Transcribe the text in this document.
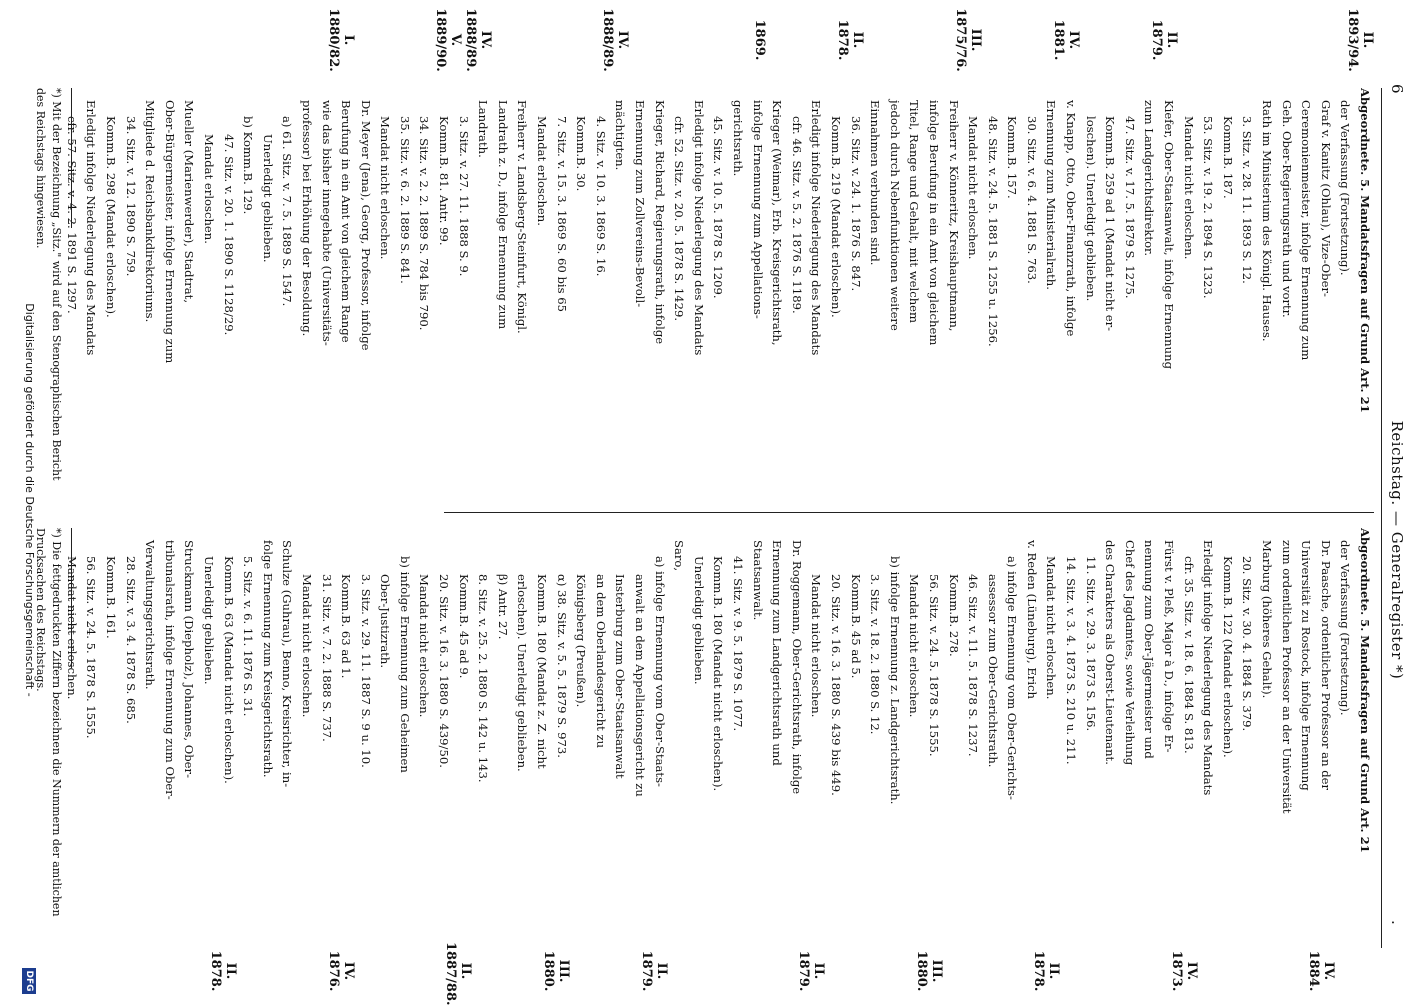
6
Reichstag. — Generalregister *)
.
II.
1893/94.
II.
1879.
IV.
1881.
III.
1875/76.
II.
1878.
1869.
IV.
1888/89.
IV.
1888/89.
V.
1889/90.
I.
1880/82.
Abgeordnete. 5. Mandatsfragen auf Grund Art. 21
der Verfassung (Fortsetzung).
Graf v. Kanitz (Ohlau), Vize-Ober-
Ceremonienmeister, infolge Ernennung zum
Geh. Ober-Regierungsrath und vortr.
Rath im Ministerium des Königl. Hauses.
3. Sitz. v. 28. 11. 1893 S. 12.
Komm.B. 187.
53. Sitz. v. 19. 2. 1894 S. 1323.
Mandat nicht erloschen.
Kiefer, Ober-Staatsanwalt, infolge Ernennung
zum Landgerichtsdirektor.
47. Sitz. v. 17. 5. 1879 S. 1275.
Komm.B. 259 ad 1 (Mandat nicht er-
loschen). Unerledigt geblieben.
v. Knapp, Otto, Ober-Finanzrath, infolge
Ernennung zum Ministerialrath.
30. Sitz. v. 6. 4. 1881 S. 763.
Komm.B. 157.
48. Sitz. v. 24. 5. 1881 S. 1255 u. 1256.
Mandat nicht erloschen.
Freiherr v. Könneritz, Kreishauptmann,
infolge Berufung in ein Amt von gleichem
Titel, Range und Gehalt, mit welchem
jedoch durch Nebenfunktionen weitere
Einnahmen verbunden sind.
36. Sitz. v. 24. 1. 1876 S. 847.
Komm.B. 219 (Mandat erloschen).
Erledigt infolge Niederlegung des Mandats
cfr. 46. Sitz. v. 5. 2. 1876 S. 1189.
Krieger (Weimar), Erb. Kreisgerichtsrath,
infolge Ernennung zum Appellations-
gerichtsrath.
45. Sitz. v. 10. 5. 1878 S. 1209.
Erledigt infolge Niederlegung des Mandats
cfr. 52. Sitz. v. 20. 5. 1878 S. 1429.
Krieger, Richard, Regierungsrath, infolge
Ernennung zum Zollvereins-Bevoll-
mächtigten.
4. Sitz. v. 10. 3. 1869 S. 16.
Komm.B. 30.
7. Sitz. v. 15. 3. 1869 S. 60 bis 65
Mandat erloschen.
Freiherr v. Landsberg-Steinfurt, Königl.
Landrath z. D., infolge Ernennung zum
Landrath.
3. Sitz. v. 27. 11. 1888 S. 9.
Komm.B. 81. Antr. 99.
34. Sitz. v. 2. 2. 1889 S. 784 bis 790.
35. Sitz. v. 6. 2. 1889 S. 841.
Mandat nicht erloschen.
Dr. Meyer (Jena), Georg, Professor, infolge
Berufung in ein Amt von gleichem Range
wie das bisher innegehabte (Universitäts-
professor) bei Erhöhung der Besoldung.
a) 61. Sitz. v. 7. 5. 1889 S. 1547.
Unerledigt geblieben.
b) Komm.B. 129.
47. Sitz. v. 20. 1. 1890 S. 1128/29.
Mandat erloschen.
Mueller (Marienwerder), Stadtrat,
Ober-Bürgermeister, infolge Ernennung zum
Mitgliede d. Reichsbankdirektoriums.
34. Sitz. v. 12. 1890 S. 759.
Komm.B. 298 (Mandat erloschen).
Erledigt infolge Niederlegung des Mandats
cfr. 57. Sitz. v. 4. 2. 1891 S. 1297.
IV.
1884.
IV.
1873.
II.
1878.
III.
1880.
II.
1879.
II.
1879.
III.
1880.
II.
1887/88.
IV.
1876.
II.
1878.
Abgeordnete. 5. Mandatsfragen auf Grund Art. 21
der Verfassung (Fortsetzung).
Dr. Paasche, ordentlicher Professor an der
Universität zu Rostock, infolge Ernennung
zum ordentlichen Professor an der Universität
Marburg (höheres Gehalt).
20. Sitz. v. 30. 4. 1884 S. 379.
Komm.B. 122 (Mandat erloschen).
Erledigt infolge Niederlegung des Mandats
cfr. 35. Sitz. v. 18. 6. 1884 S. 813.
Fürst v. Pleß, Major à D., infolge Er-
nennung zum Ober-Jägermeister und
Chef des Jagdamtes, sowie Verleihung
des Charakters als Oberst-Lieutenant.
11. Sitz. v. 29. 3. 1873 S. 156.
14. Sitz. v. 3. 4. 1873 S. 210 u. 211.
Mandat nicht erloschen.
v. Reden (Lüneburg), Erich
a) infolge Ernennung vom Ober-Gerichts-
assessor zum Ober-Gerichtsrath.
46. Sitz. v. 11. 5. 1878 S. 1237.
Komm.B. 278.
56. Sitz. v. 24. 5. 1878 S. 1555.
Mandat nicht erloschen.
b) infolge Ernennung z. Landgerichtsrath.
3. Sitz. v. 18. 2. 1880 S. 12.
Komm.B. 45 ad 5.
20. Sitz. v. 16. 3. 1880 S. 439 bis 449.
Mandat nicht erloschen.
Dr. Roggemann, Ober-Gerichtsrath, infolge
Ernennung zum Landgerichtsrath und
Staatsanwalt.
41. Sitz. v. 9. 5. 1879 S. 1077.
Komm.B. 180 (Mandat nicht erloschen).
Unerledigt geblieben.
Saro,
a) infolge Ernennung vom Ober-Staats-
anwalt an dem Appellationsgericht zu
Insterburg zum Ober-Staatsanwalt
an dem Oberlandesgericht zu
Königsberg (Preußen).
α) 38. Sitz. v. 5. 5. 1879 S. 973.
Komm.B. 180 (Mandat z. Z. nicht
erloschen). Unerledigt geblieben.
β) Antr. 27.
8. Sitz. v. 25. 2. 1880 S. 142 u. 143.
Komm.B. 45 ad 9.
20. Sitz. v. 16. 3. 1880 S. 439/50.
Mandat nicht erloschen.
b) infolge Ernennung zum Geheimen
Ober-Justizrath.
3. Sitz. v. 29. 11. 1887 S. 9 u. 10.
Komm.B. 63 ad 1.
31. Sitz. v. 7. 2. 1888 S. 737.
Mandat nicht erloschen.
Schulze (Guhrau), Benno, Kreisrichter, in-
folge Ernennung zum Kreisgerichtsrath.
5. Sitz. v. 6. 11. 1876 S. 31.
Komm.B. 63 (Mandat nicht erloschen).
Unerledigt geblieben.
Struckmann (Diepholz), Johannes, Ober-
tribunalsrath, infolge Ernennung zum Ober-
Verwaltungsgerichtsrath.
28. Sitz. v. 3. 4. 1878 S. 685.
Komm.B. 161.
56. Sitz. v. 24. 5. 1878 S. 1555.
Mandat nicht erloschen.
*) Mit der Bezeichnung „Sitz." wird auf den Stenographischen Bericht des Reichstags hingewiesen.
*) Die fettgedruckten Ziffern bezeichnen die Nummern der amtlichen Drucksachen des Reichstags.
Digitalisierung gefördert durch die Deutsche Forschungsgemeinschaft -
DFG
